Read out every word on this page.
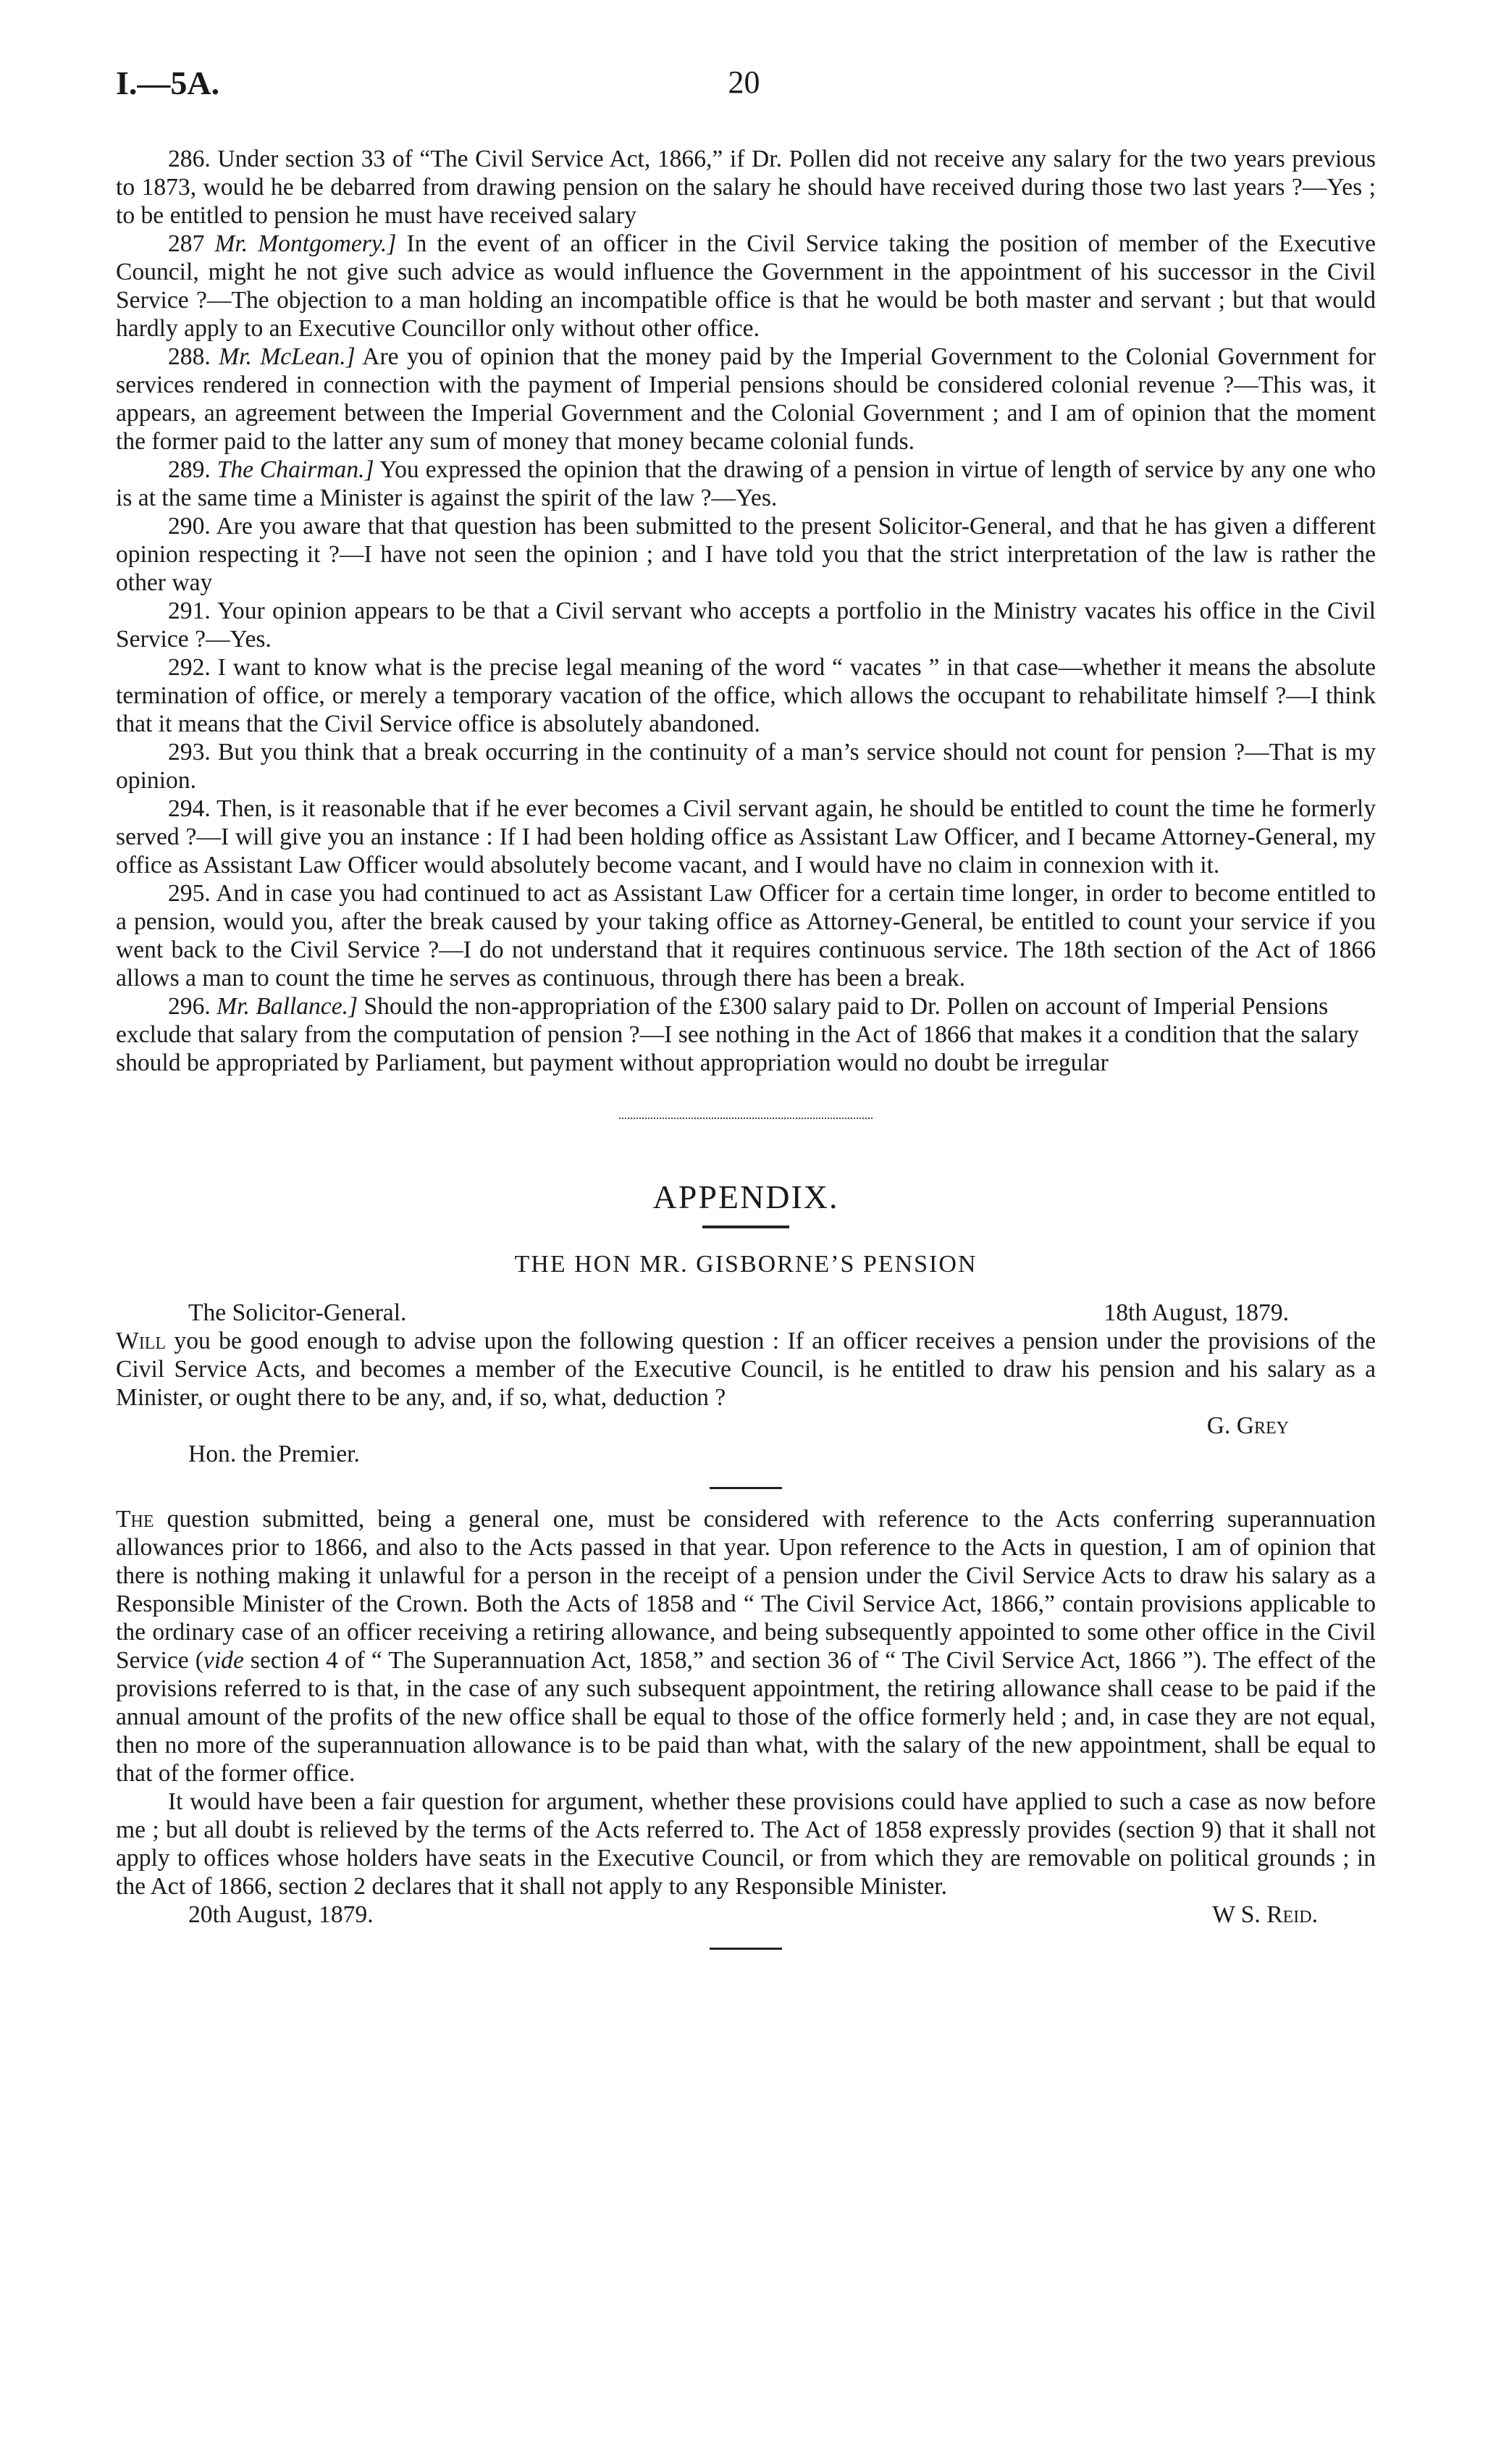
I.—5A.	20

286. Under section 33 of “The Civil Service Act, 1866,” if Dr. Pollen did not receive any salary for the two years previous to 1873, would he be debarred from drawing pension on the salary he should have received during those two last years ?—Yes ; to be entitled to pension he must have received salary

287 Mr. Montgomery.] In the event of an officer in the Civil Service taking the position of member of the Executive Council, might he not give such advice as would influence the Government in the appointment of his successor in the Civil Service ?—The objection to a man holding an incompatible office is that he would be both master and servant ; but that would hardly apply to an Executive Councillor only without other office.

288. Mr. McLean.] Are you of opinion that the money paid by the Imperial Government to the Colonial Government for services rendered in connection with the payment of Imperial pensions should be considered colonial revenue ?—This was, it appears, an agreement between the Imperial Government and the Colonial Government ; and I am of opinion that the moment the former paid to the latter any sum of money that money became colonial funds.

289. The Chairman.] You expressed the opinion that the drawing of a pension in virtue of length of service by any one who is at the same time a Minister is against the spirit of the law ?—Yes.

290. Are you aware that that question has been submitted to the present Solicitor-General, and that he has given a different opinion respecting it ?—I have not seen the opinion ; and I have told you that the strict interpretation of the law is rather the other way

291. Your opinion appears to be that a Civil servant who accepts a portfolio in the Ministry vacates his office in the Civil Service ?—Yes.

292. I want to know what is the precise legal meaning of the word “ vacates ” in that case—whether it means the absolute termination of office, or merely a temporary vacation of the office, which allows the occupant to rehabilitate himself ?—I think that it means that the Civil Service office is absolutely abandoned.

293. But you think that a break occurring in the continuity of a man’s service should not count for pension ?—That is my opinion.

294. Then, is it reasonable that if he ever becomes a Civil servant again, he should be entitled to count the time he formerly served ?—I will give you an instance : If I had been holding office as Assistant Law Officer, and I became Attorney-General, my office as Assistant Law Officer would absolutely become vacant, and I would have no claim in connexion with it.

295. And in case you had continued to act as Assistant Law Officer for a certain time longer, in order to become entitled to a pension, would you, after the break caused by your taking office as Attorney-General, be entitled to count your service if you went back to the Civil Service ?—I do not understand that it requires continuous service. The 18th section of the Act of 1866 allows a man to count the time he serves as continuous, through there has been a break.

296. Mr. Ballance.] Should the non-appropriation of the £300 salary paid to Dr. Pollen on account of Imperial Pensions exclude that salary from the computation of pension ?—I see nothing in the Act of 1866 that makes it a condition that the salary should be appropriated by Parliament, but payment without appropriation would no doubt be irregular

APPENDIX.
THE HON MR. GISBORNE’S PENSION
The Solicitor-General.	18th August, 1879.

Will you be good enough to advise upon the following question : If an officer receives a pension under the provisions of the Civil Service Acts, and becomes a member of the Executive Council, is he entitled to draw his pension and his salary as a Minister, or ought there to be any, and, if so, what, deduction ?

G. Grey
Hon. the Premier.

The question submitted, being a general one, must be considered with reference to the Acts conferring superannuation allowances prior to 1866, and also to the Acts passed in that year. Upon reference to the Acts in question, I am of opinion that there is nothing making it unlawful for a person in the receipt of a pension under the Civil Service Acts to draw his salary as a Responsible Minister of the Crown. Both the Acts of 1858 and “ The Civil Service Act, 1866,” contain provisions applicable to the ordinary case of an officer receiving a retiring allowance, and being subsequently appointed to some other office in the Civil Service (vide section 4 of “ The Superannuation Act, 1858,” and section 36 of “ The Civil Service Act, 1866 ”). The effect of the provisions referred to is that, in the case of any such subsequent appointment, the retiring allowance shall cease to be paid if the annual amount of the profits of the new office shall be equal to those of the office formerly held ; and, in case they are not equal, then no more of the superannuation allowance is to be paid than what, with the salary of the new appointment, shall be equal to that of the former office.

It would have been a fair question for argument, whether these provisions could have applied to such a case as now before me ; but all doubt is relieved by the terms of the Acts referred to. The Act of 1858 expressly provides (section 9) that it shall not apply to offices whose holders have seats in the Executive Council, or from which they are removable on political grounds ; in the Act of 1866, section 2 declares that it shall not apply to any Responsible Minister.

20th August, 1879.	W S. Reid.
